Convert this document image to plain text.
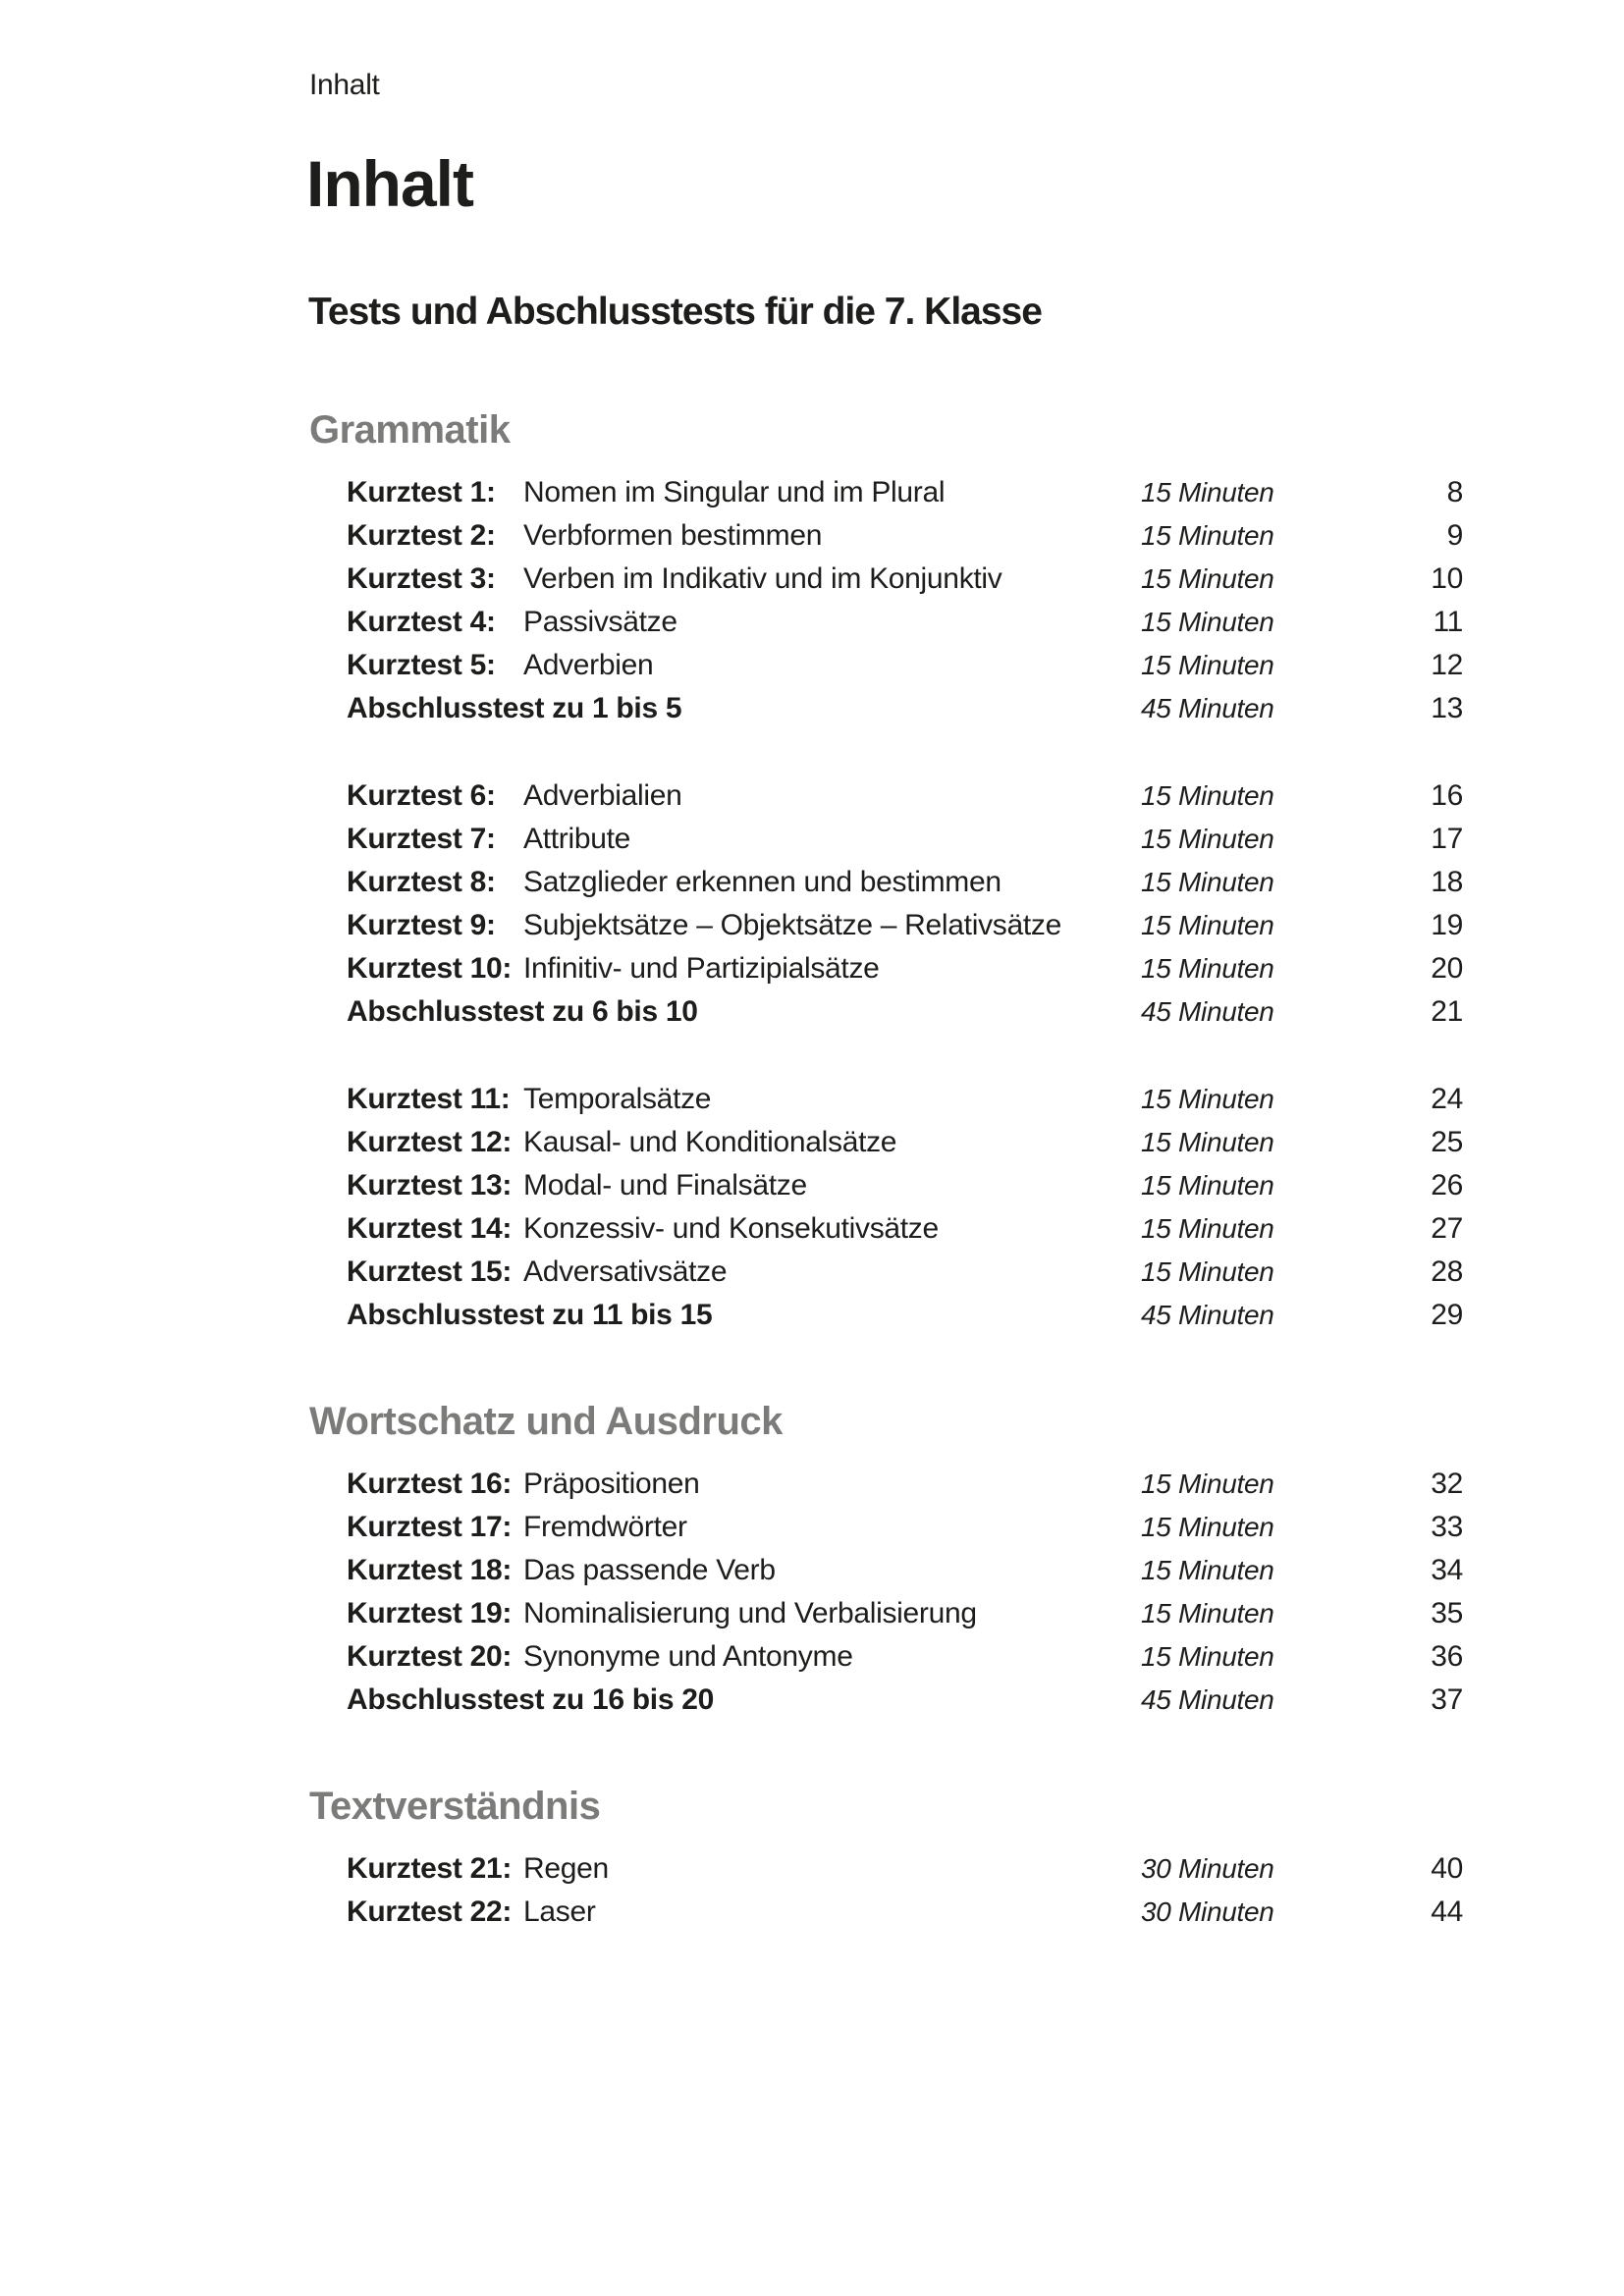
Inhalt
Inhalt
Tests und Abschlusstests für die 7. Klasse
Grammatik
Kurztest 1: Nomen im Singular und im Plural	15 Minuten	8
Kurztest 2: Verbformen bestimmen	15 Minuten	9
Kurztest 3: Verben im Indikativ und im Konjunktiv	15 Minuten	10
Kurztest 4: Passivsätze	15 Minuten	11
Kurztest 5: Adverbien	15 Minuten	12
Abschlusstest zu 1 bis 5	45 Minuten	13
Kurztest 6: Adverbialien	15 Minuten	16
Kurztest 7: Attribute	15 Minuten	17
Kurztest 8: Satzglieder erkennen und bestimmen	15 Minuten	18
Kurztest 9: Subjektsätze – Objektsätze – Relativsätze	15 Minuten	19
Kurztest 10: Infinitiv- und Partizipialsätze	15 Minuten	20
Abschlusstest zu 6 bis 10	45 Minuten	21
Kurztest 11: Temporalsätze	15 Minuten	24
Kurztest 12: Kausal- und Konditionalsätze	15 Minuten	25
Kurztest 13: Modal- und Finalsätze	15 Minuten	26
Kurztest 14: Konzessiv- und Konsekutivsätze	15 Minuten	27
Kurztest 15: Adversativsätze	15 Minuten	28
Abschlusstest zu 11 bis 15	45 Minuten	29
Wortschatz und Ausdruck
Kurztest 16: Präpositionen	15 Minuten	32
Kurztest 17: Fremdwörter	15 Minuten	33
Kurztest 18: Das passende Verb	15 Minuten	34
Kurztest 19: Nominalisierung und Verbalisierung	15 Minuten	35
Kurztest 20: Synonyme und Antonyme	15 Minuten	36
Abschlusstest zu 16 bis 20	45 Minuten	37
Textverständnis
Kurztest 21: Regen	30 Minuten	40
Kurztest 22: Laser	30 Minuten	44
